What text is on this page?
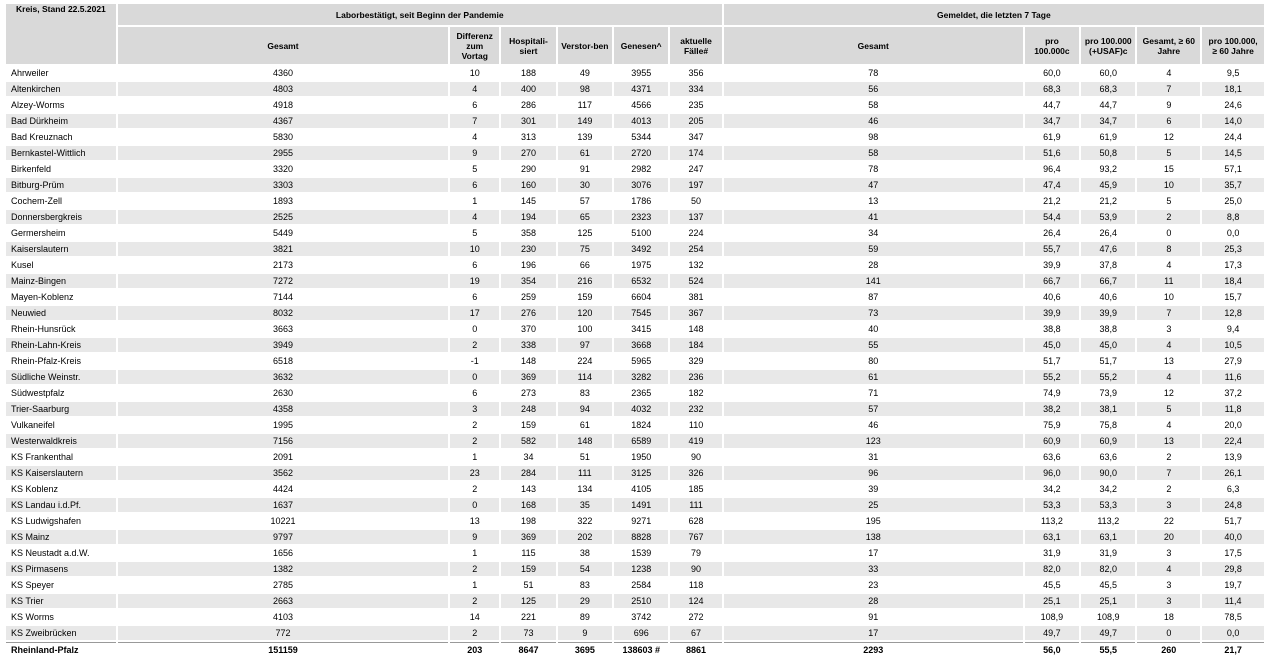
Kreis, Stand 22.5.2021	Laborbestätigt, seit Beginn der Pandemie						Gemeldet, die letzten 7 Tage				
	Gesamt	Differenz zum Vortag	Hospitali-siert	Verstor-ben	Genesen^	aktuelle Fälle#	Gesamt	pro 100.000c	pro 100.000 (+USAF)c	Gesamt, ≥ 60 Jahre	pro 100.000, ≥ 60 Jahre
Ahrweiler	4360	10	188	49	3955	356	78	60,0	60,0	4	9,5
Altenkirchen	4803	4	400	98	4371	334	56	68,3	68,3	7	18,1
Alzey-Worms	4918	6	286	117	4566	235	58	44,7	44,7	9	24,6
Bad Dürkheim	4367	7	301	149	4013	205	46	34,7	34,7	6	14,0
Bad Kreuznach	5830	4	313	139	5344	347	98	61,9	61,9	12	24,4
Bernkastel-Wittlich	2955	9	270	61	2720	174	58	51,6	50,8	5	14,5
Birkenfeld	3320	5	290	91	2982	247	78	96,4	93,2	15	57,1
Bitburg-Prüm	3303	6	160	30	3076	197	47	47,4	45,9	10	35,7
Cochem-Zell	1893	1	145	57	1786	50	13	21,2	21,2	5	25,0
Donnersbergkreis	2525	4	194	65	2323	137	41	54,4	53,9	2	8,8
Germersheim	5449	5	358	125	5100	224	34	26,4	26,4	0	0,0
Kaiserslautern	3821	10	230	75	3492	254	59	55,7	47,6	8	25,3
Kusel	2173	6	196	66	1975	132	28	39,9	37,8	4	17,3
Mainz-Bingen	7272	19	354	216	6532	524	141	66,7	66,7	11	18,4
Mayen-Koblenz	7144	6	259	159	6604	381	87	40,6	40,6	10	15,7
Neuwied	8032	17	276	120	7545	367	73	39,9	39,9	7	12,8
Rhein-Hunsrück	3663	0	370	100	3415	148	40	38,8	38,8	3	9,4
Rhein-Lahn-Kreis	3949	2	338	97	3668	184	55	45,0	45,0	4	10,5
Rhein-Pfalz-Kreis	6518	-1	148	224	5965	329	80	51,7	51,7	13	27,9
Südliche Weinstr.	3632	0	369	114	3282	236	61	55,2	55,2	4	11,6
Südwestpfalz	2630	6	273	83	2365	182	71	74,9	73,9	12	37,2
Trier-Saarburg	4358	3	248	94	4032	232	57	38,2	38,1	5	11,8
Vulkaneifel	1995	2	159	61	1824	110	46	75,9	75,8	4	20,0
Westerwaldkreis	7156	2	582	148	6589	419	123	60,9	60,9	13	22,4
KS Frankenthal	2091	1	34	51	1950	90	31	63,6	63,6	2	13,9
KS Kaiserslautern	3562	23	284	111	3125	326	96	96,0	90,0	7	26,1
KS Koblenz	4424	2	143	134	4105	185	39	34,2	34,2	2	6,3
KS Landau i.d.Pf.	1637	0	168	35	1491	111	25	53,3	53,3	3	24,8
KS Ludwigshafen	10221	13	198	322	9271	628	195	113,2	113,2	22	51,7
KS Mainz	9797	9	369	202	8828	767	138	63,1	63,1	20	40,0
KS Neustadt a.d.W.	1656	1	115	38	1539	79	17	31,9	31,9	3	17,5
KS Pirmasens	1382	2	159	54	1238	90	33	82,0	82,0	4	29,8
KS Speyer	2785	1	51	83	2584	118	23	45,5	45,5	3	19,7
KS Trier	2663	2	125	29	2510	124	28	25,1	25,1	3	11,4
KS Worms	4103	14	221	89	3742	272	91	108,9	108,9	18	78,5
KS Zweibrücken	772	2	73	9	696	67	17	49,7	49,7	0	0,0
Rheinland-Pfalz	151159	203	8647	3695	138603 #	8861	2293	56,0	55,5	260	21,7
